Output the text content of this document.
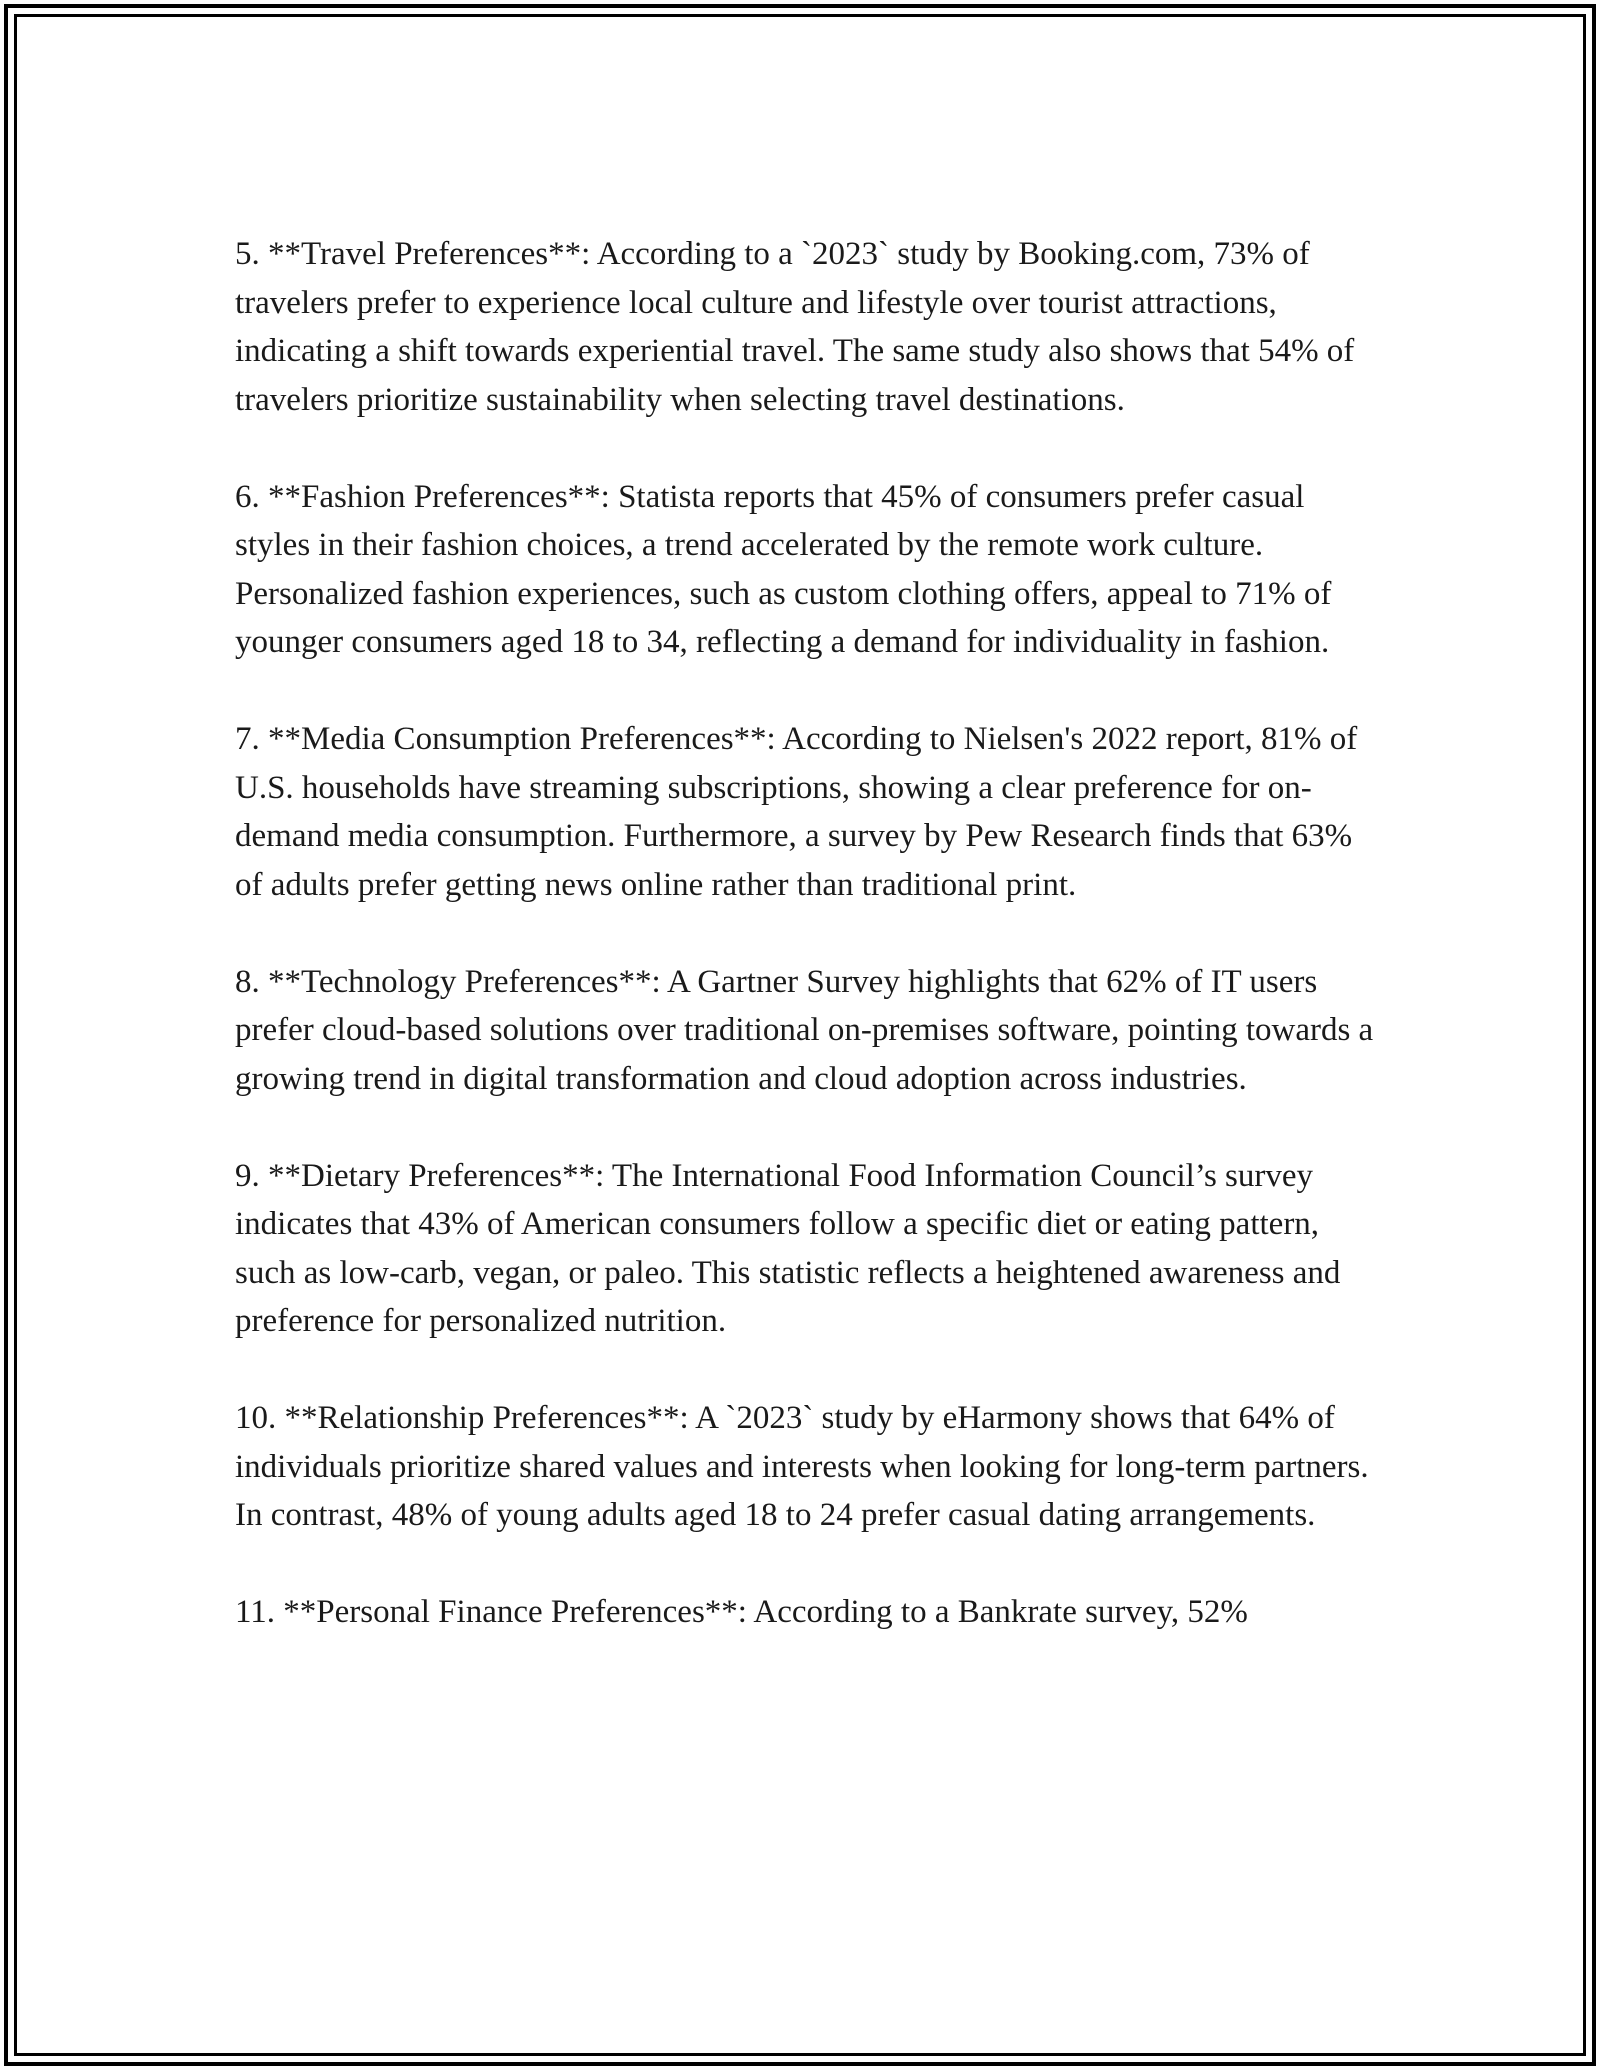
5. **Travel Preferences**: According to a `2023` study by Booking.com, 73% of travelers prefer to experience local culture and lifestyle over tourist attractions, indicating a shift towards experiential travel. The same study also shows that 54% of travelers prioritize sustainability when selecting travel destinations.

6. **Fashion Preferences**: Statista reports that 45% of consumers prefer casual styles in their fashion choices, a trend accelerated by the remote work culture. Personalized fashion experiences, such as custom clothing offers, appeal to 71% of younger consumers aged 18 to 34, reflecting a demand for individuality in fashion.

7. **Media Consumption Preferences**: According to Nielsen's 2022 report, 81% of U.S. households have streaming subscriptions, showing a clear preference for on-demand media consumption. Furthermore, a survey by Pew Research finds that 63% of adults prefer getting news online rather than traditional print.

8. **Technology Preferences**: A Gartner Survey highlights that 62% of IT users prefer cloud-based solutions over traditional on-premises software, pointing towards a growing trend in digital transformation and cloud adoption across industries.

9. **Dietary Preferences**: The International Food Information Council’s survey indicates that 43% of American consumers follow a specific diet or eating pattern, such as low-carb, vegan, or paleo. This statistic reflects a heightened awareness and preference for personalized nutrition.

10. **Relationship Preferences**: A `2023` study by eHarmony shows that 64% of individuals prioritize shared values and interests when looking for long-term partners. In contrast, 48% of young adults aged 18 to 24 prefer casual dating arrangements.

11. **Personal Finance Preferences**: According to a Bankrate survey, 52%
